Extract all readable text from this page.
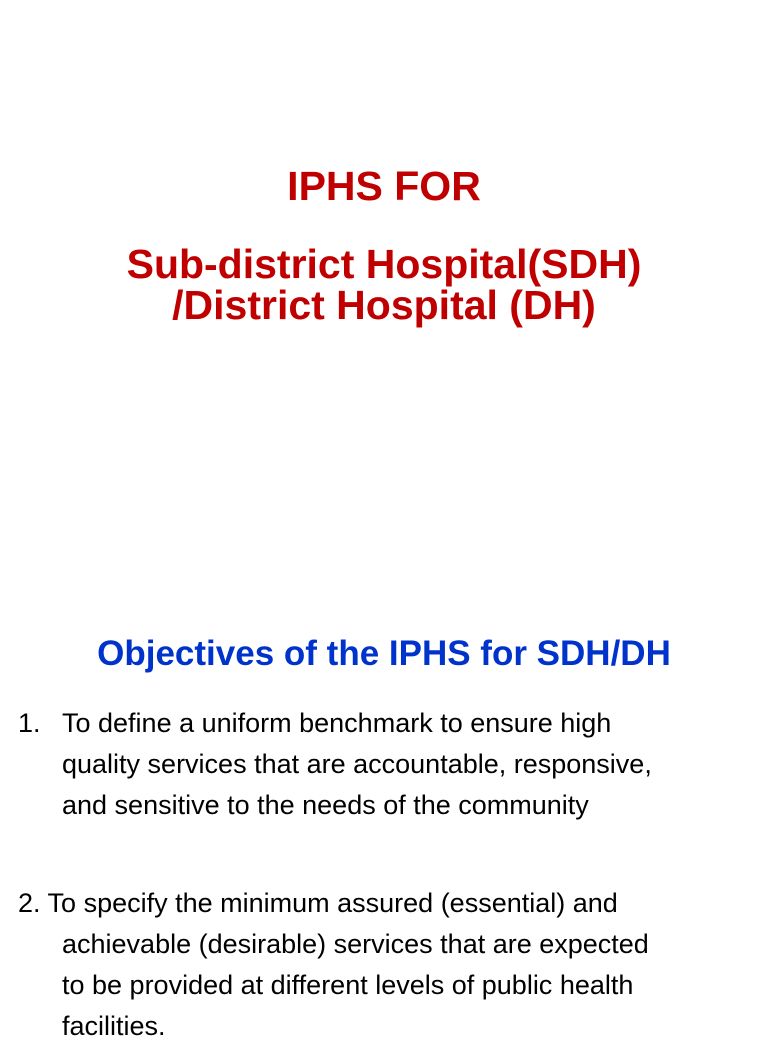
IPHS FOR
Sub-district Hospital(SDH)
/District Hospital (DH)
Objectives of the IPHS for SDH/DH
1. To define a uniform benchmark to ensure high
quality services that are accountable, responsive,
and sensitive to the needs of the community
2. To specify the minimum assured (essential) and
achievable (desirable) services that are expected
to be provided at different levels of public health
facilities.
